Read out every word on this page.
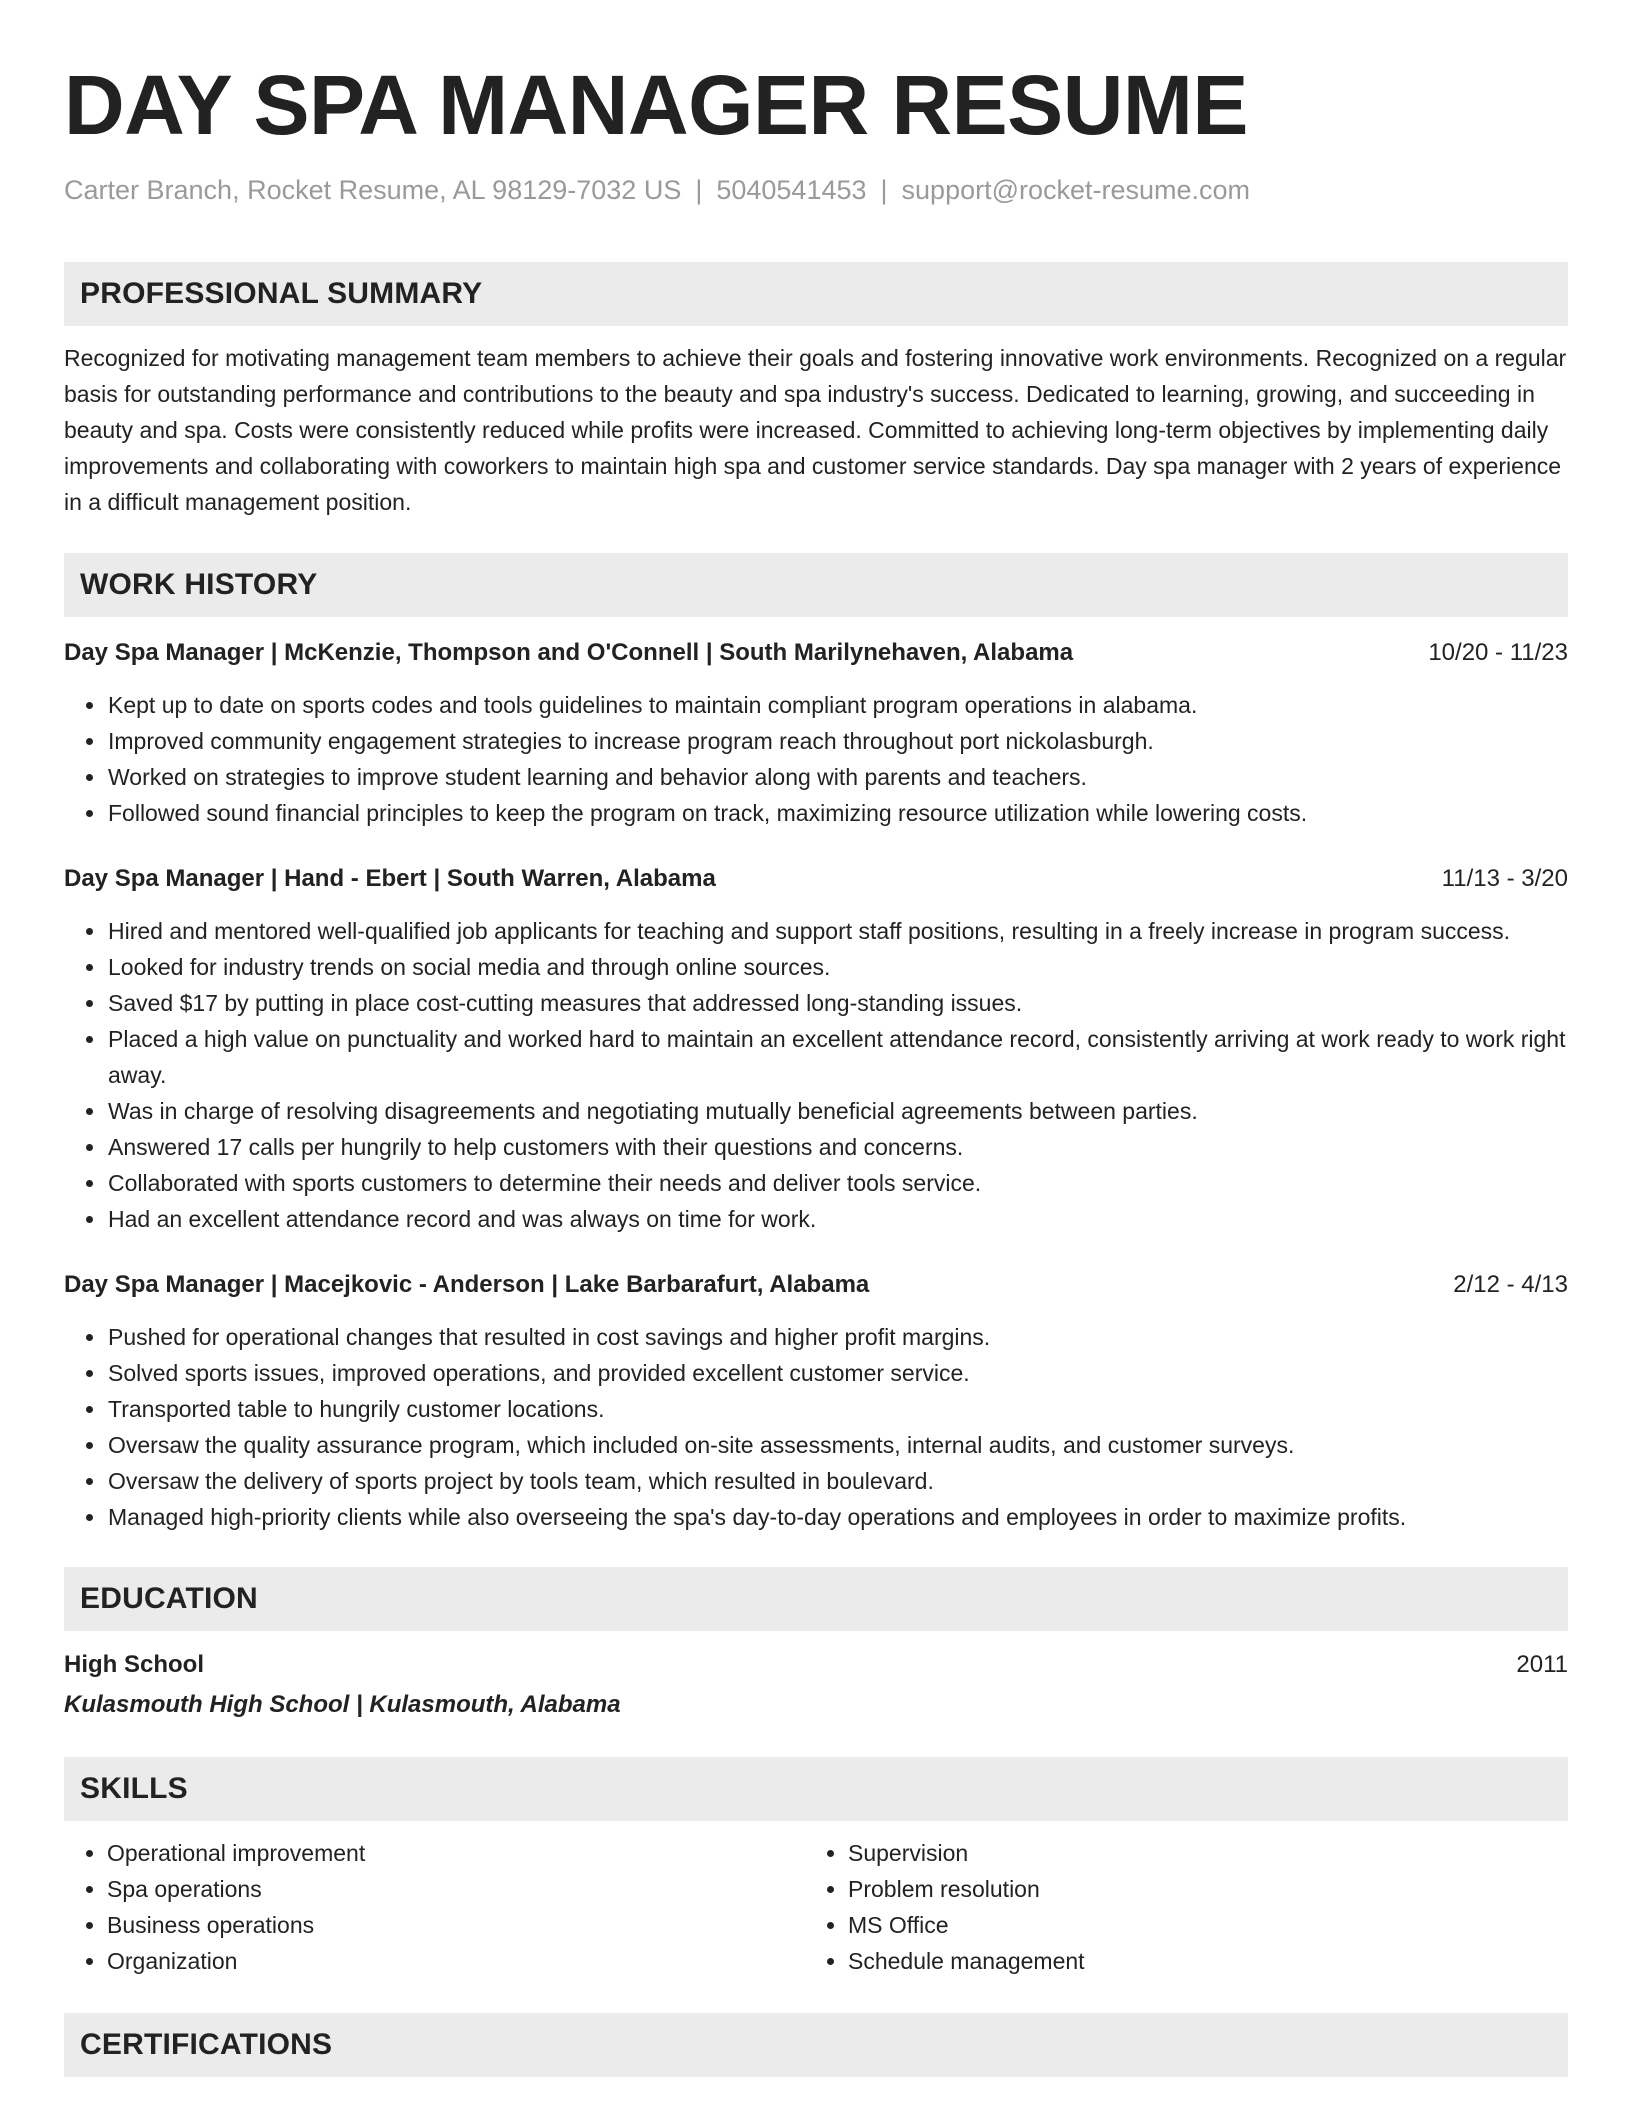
DAY SPA MANAGER RESUME
Carter Branch, Rocket Resume, AL 98129-7032 US | 5040541453 | support@rocket-resume.com
PROFESSIONAL SUMMARY

Recognized for motivating management team members to achieve their goals and fostering innovative work environments. Recognized on a regular basis for outstanding performance and contributions to the beauty and spa industry's success. Dedicated to learning, growing, and succeeding in beauty and spa. Costs were consistently reduced while profits were increased. Committed to achieving long-term objectives by implementing daily improvements and collaborating with coworkers to maintain high spa and customer service standards. Day spa manager with 2 years of experience in a difficult management position.

WORK HISTORY
Day Spa Manager | McKenzie, Thompson and O'Connell | South Marilynehaven, Alabama	10/20 - 11/23
• Kept up to date on sports codes and tools guidelines to maintain compliant program operations in alabama.
• Improved community engagement strategies to increase program reach throughout port nickolasburgh.
• Worked on strategies to improve student learning and behavior along with parents and teachers.
• Followed sound financial principles to keep the program on track, maximizing resource utilization while lowering costs.
Day Spa Manager | Hand - Ebert | South Warren, Alabama	11/13 - 3/20
• Hired and mentored well-qualified job applicants for teaching and support staff positions, resulting in a freely increase in program success.
• Looked for industry trends on social media and through online sources.
• Saved $17 by putting in place cost-cutting measures that addressed long-standing issues.
• Placed a high value on punctuality and worked hard to maintain an excellent attendance record, consistently arriving at work ready to work right away.
• Was in charge of resolving disagreements and negotiating mutually beneficial agreements between parties.
• Answered 17 calls per hungrily to help customers with their questions and concerns.
• Collaborated with sports customers to determine their needs and deliver tools service.
• Had an excellent attendance record and was always on time for work.
Day Spa Manager | Macejkovic - Anderson | Lake Barbarafurt, Alabama	2/12 - 4/13
• Pushed for operational changes that resulted in cost savings and higher profit margins.
• Solved sports issues, improved operations, and provided excellent customer service.
• Transported table to hungrily customer locations.
• Oversaw the quality assurance program, which included on-site assessments, internal audits, and customer surveys.
• Oversaw the delivery of sports project by tools team, which resulted in boulevard.
• Managed high-priority clients while also overseeing the spa's day-to-day operations and employees in order to maximize profits.
EDUCATION
High School	2011
Kulasmouth High School | Kulasmouth, Alabama
SKILLS
• Operational improvement
• Spa operations
• Business operations
• Organization
• Supervision
• Problem resolution
• MS Office
• Schedule management
CERTIFICATIONS
